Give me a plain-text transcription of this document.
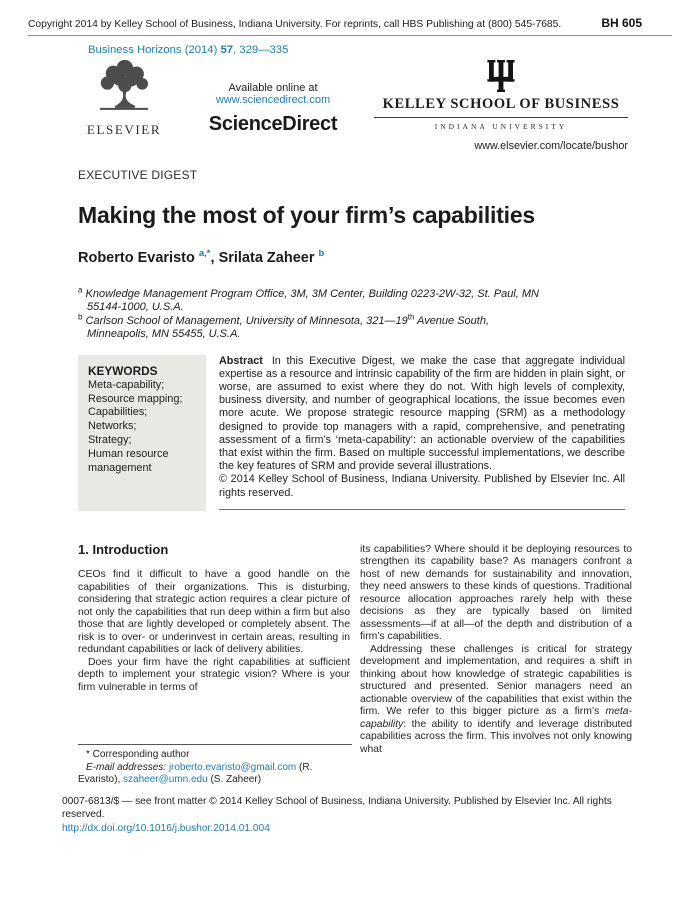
Copyright 2014 by Kelley School of Business, Indiana University. For reprints, call HBS Publishing at (800) 545-7685.	BH 605
Business Horizons (2014) 57, 329—335
ELSEVIER
Available online at www.sciencedirect.com
ScienceDirect
KELLEY SCHOOL OF BUSINESS
INDIANA UNIVERSITY
www.elsevier.com/locate/bushor
EXECUTIVE DIGEST
Making the most of your firm’s capabilities
Roberto Evaristo $^{a,*}$, Srilata Zaheer $^b$
$^a$ Knowledge Management Program Office, 3M, 3M Center, Building 0223-2W-32, St. Paul, MN 55144-1000, U.S.A.
$^b$ Carlson School of Management, University of Minnesota, 321—19th Avenue South, Minneapolis, MN 55455, U.S.A.
KEYWORDS
Meta-capability;
Resource mapping;
Capabilities;
Networks;
Strategy;
Human resource management
Abstract In this Executive Digest, we make the case that aggregate individual expertise as a resource and intrinsic capability of the firm are hidden in plain sight, or worse, are assumed to exist where they do not. With high levels of complexity, business diversity, and number of geographical locations, the issue becomes even more acute. We propose strategic resource mapping (SRM) as a methodology designed to provide top managers with a rapid, comprehensive, and penetrating assessment of a firm’s ‘meta-capability’: an actionable overview of the capabilities that exist within the firm. Based on multiple successful implementations, we describe the key features of SRM and provide several illustrations.
© 2014 Kelley School of Business, Indiana University. Published by Elsevier Inc. All rights reserved.
1. Introduction

CEOs find it difficult to have a good handle on the capabilities of their organizations. This is disturbing, considering that strategic action requires a clear picture of not only the capabilities that run deep within a firm but also those that are lightly developed or completely absent. The risk is to over- or underinvest in certain areas, resulting in redundant capabilities or lack of delivery abilities.

Does your firm have the right capabilities at sufficient depth to implement your strategic vision? Where is your firm vulnerable in terms of

its capabilities? Where should it be deploying resources to strengthen its capability base? As managers confront a host of new demands for sustainability and innovation, they need answers to these kinds of questions. Traditional resource allocation approaches rarely help with these decisions as they are typically based on limited assessments—if at all—of the depth and distribution of a firm’s capabilities.

Addressing these challenges is critical for strategy development and implementation, and requires a shift in thinking about how knowledge of strategic capabilities is structured and presented. Senior managers need an actionable overview of the capabilities that exist within the firm. We refer to this bigger picture as a firm’s meta-capability: the ability to identify and leverage distributed capabilities across the firm. This involves not only knowing what

* Corresponding author
E-mail addresses: jroberto.evaristo@gmail.com (R. Evaristo), szaheer@umn.edu (S. Zaheer)
0007-6813/$ — see front matter © 2014 Kelley School of Business, Indiana University. Published by Elsevier Inc. All rights reserved.
http://dx.doi.org/10.1016/j.bushor.2014.01.004
